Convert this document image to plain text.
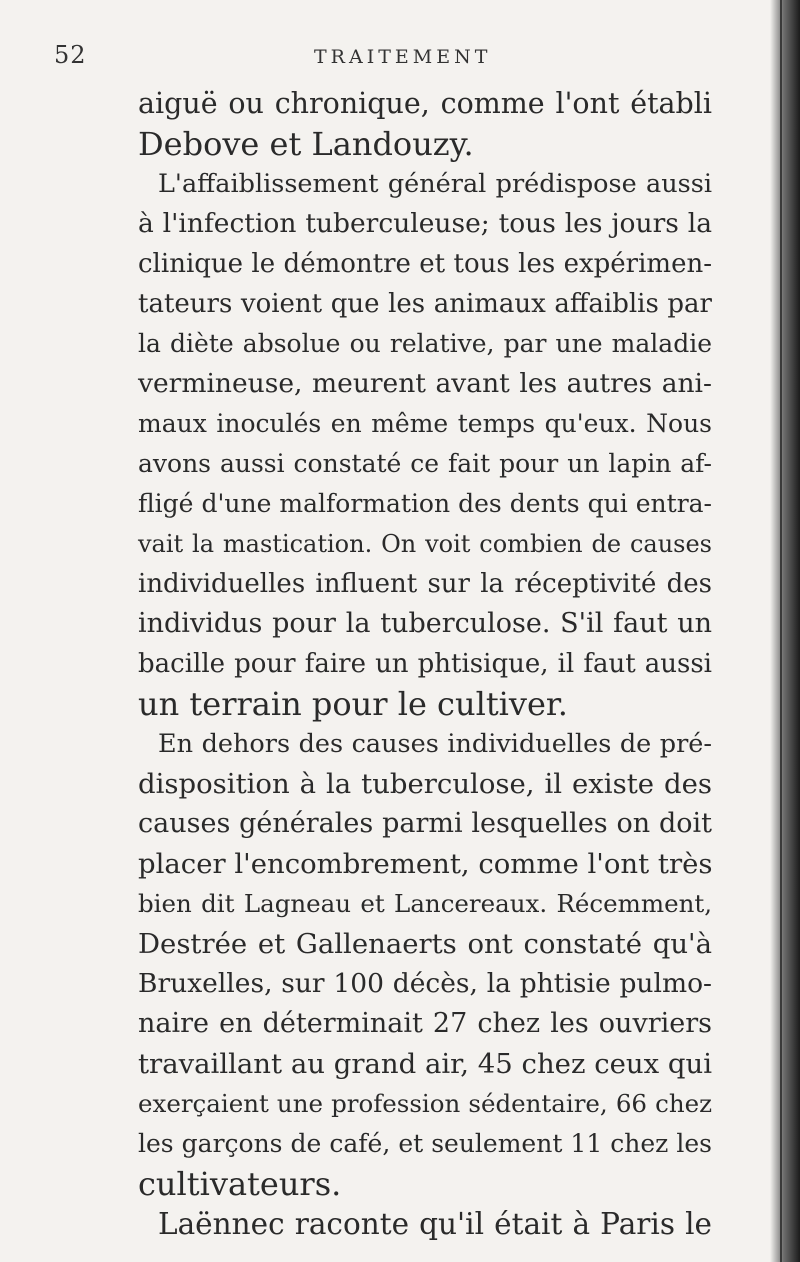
52	TRAITEMENT
aiguë ou chronique, comme l'ont établi
Debove et Landouzy.
L'affaiblissement général prédispose aussi
à l'infection tuberculeuse; tous les jours la
clinique le démontre et tous les expérimen-
tateurs voient que les animaux affaiblis par
la diète absolue ou relative, par une maladie
vermineuse, meurent avant les autres ani-
maux inoculés en même temps qu'eux. Nous
avons aussi constaté ce fait pour un lapin af-
fligé d'une malformation des dents qui entra-
vait la mastication. On voit combien de causes
individuelles influent sur la réceptivité des
individus pour la tuberculose. S'il faut un
bacille pour faire un phtisique, il faut aussi
un terrain pour le cultiver.
En dehors des causes individuelles de pré-
disposition à la tuberculose, il existe des
causes générales parmi lesquelles on doit
placer l'encombrement, comme l'ont très
bien dit Lagneau et Lancereaux. Récemment,
Destrée et Gallenaerts ont constaté qu'à
Bruxelles, sur 100 décès, la phtisie pulmo-
naire en déterminait 27 chez les ouvriers
travaillant au grand air, 45 chez ceux qui
exerçaient une profession sédentaire, 66 chez
les garçons de café, et seulement 11 chez les
cultivateurs.
Laënnec raconte qu'il était à Paris le
